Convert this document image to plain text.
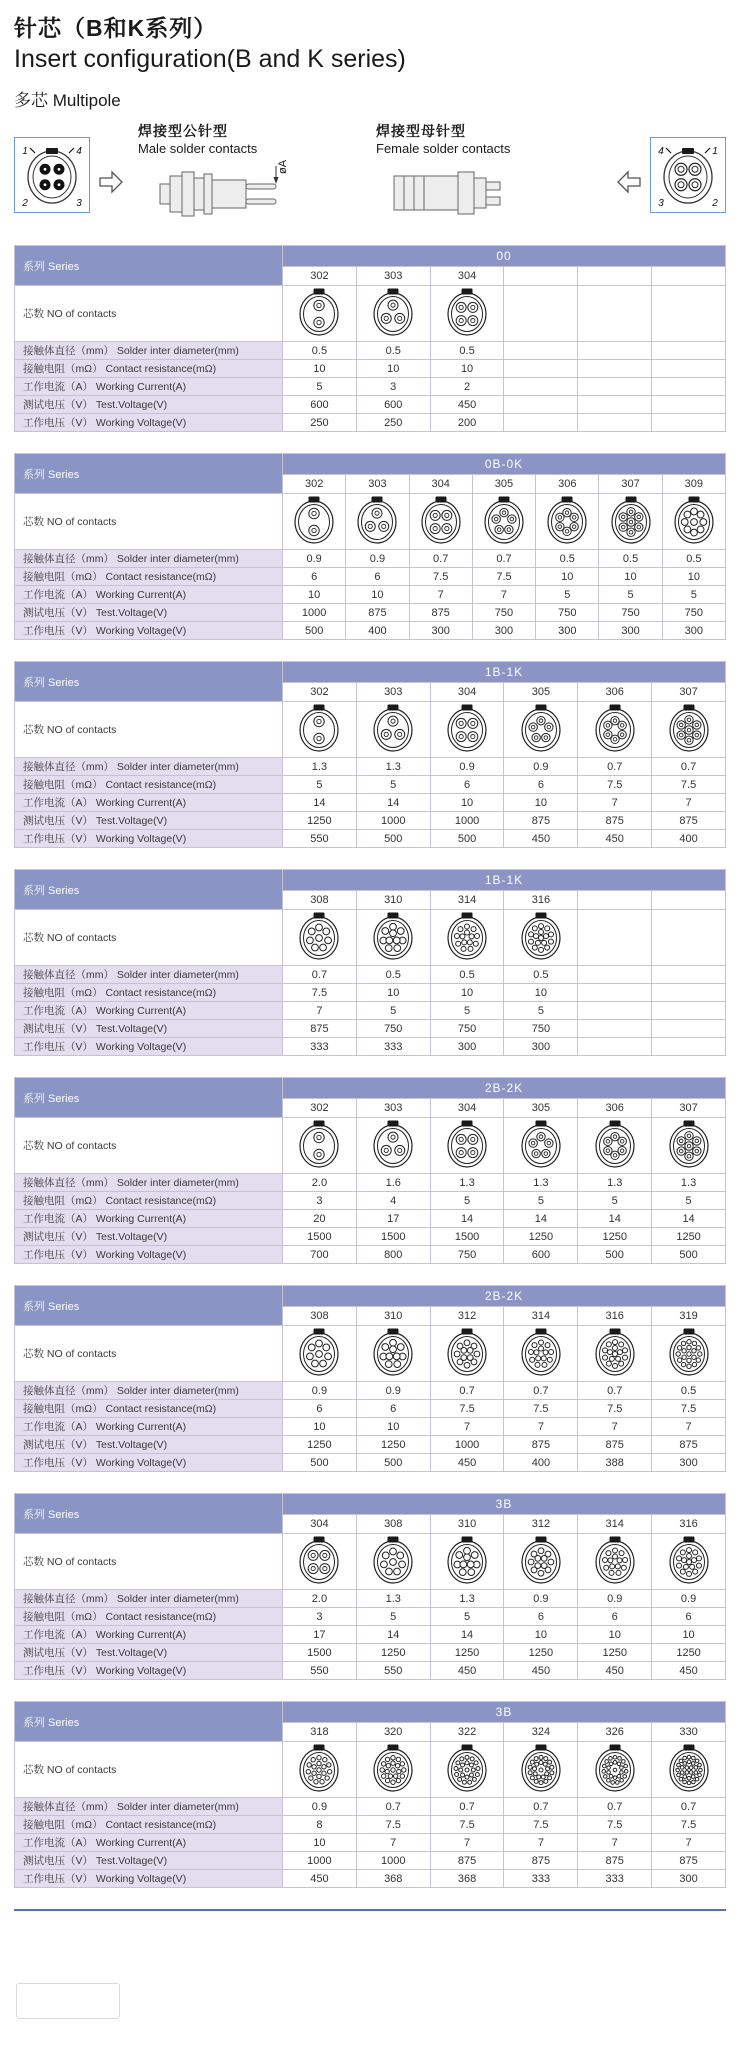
针芯（B和K系列）
Insert configuration(B and K series)
多芯 Multipole
1	4
2	3
焊接型公针型
Male solder contacts
øA
焊接型母针型
Female solder contacts	4	1
3	2
系列 Series	00					
	302	303	304			
芯数 NO of contacts						
接触体直径（mm） Solder inter diameter(mm)	0.5	0.5	0.5			
接触电阻（mΩ） Contact resistance(mΩ)	10	10	10			
工作电流（A） Working Current(A)	5	3	2			
测试电压（V） Test.Voltage(V)	600	600	450			
工作电压（V） Working Voltage(V)	250	250	200			
系列 Series	0B-0K						
	302	303	304	305	306	307	309
芯数 NO of contacts							
接触体直径（mm） Solder inter diameter(mm)	0.9	0.9	0.7	0.7	0.5	0.5	0.5
接触电阻（mΩ） Contact resistance(mΩ)	6	6	7.5	7.5	10	10	10
工作电流（A） Working Current(A)	10	10	7	7	5	5	5
测试电压（V） Test.Voltage(V)	1000	875	875	750	750	750	750
工作电压（V） Working Voltage(V)	500	400	300	300	300	300	300
系列 Series	1B-1K					
	302	303	304	305	306	307
芯数 NO of contacts						
接触体直径（mm） Solder inter diameter(mm)	1.3	1.3	0.9	0.9	0.7	0.7
接触电阻（mΩ） Contact resistance(mΩ)	5	5	6	6	7.5	7.5
工作电流（A） Working Current(A)	14	14	10	10	7	7
测试电压（V） Test.Voltage(V)	1250	1000	1000	875	875	875
工作电压（V） Working Voltage(V)	550	500	500	450	450	400
系列 Series	1B-1K					
	308	310	314	316		
芯数 NO of contacts						
接触体直径（mm） Solder inter diameter(mm)	0.7	0.5	0.5	0.5		
接触电阻（mΩ） Contact resistance(mΩ)	7.5	10	10	10		
工作电流（A） Working Current(A)	7	5	5	5		
测试电压（V） Test.Voltage(V)	875	750	750	750		
工作电压（V） Working Voltage(V)	333	333	300	300		
系列 Series	2B-2K					
	302	303	304	305	306	307
芯数 NO of contacts						
接触体直径（mm） Solder inter diameter(mm)	2.0	1.6	1.3	1.3	1.3	1.3
接触电阻（mΩ） Contact resistance(mΩ)	3	4	5	5	5	5
工作电流（A） Working Current(A)	20	17	14	14	14	14
测试电压（V） Test.Voltage(V)	1500	1500	1500	1250	1250	1250
工作电压（V） Working Voltage(V)	700	800	750	600	500	500
系列 Series	2B-2K					
	308	310	312	314	316	319
芯数 NO of contacts						
接触体直径（mm） Solder inter diameter(mm)	0.9	0.9	0.7	0.7	0.7	0.5
接触电阻（mΩ） Contact resistance(mΩ)	6	6	7.5	7.5	7.5	7.5
工作电流（A） Working Current(A)	10	10	7	7	7	7
测试电压（V） Test.Voltage(V)	1250	1250	1000	875	875	875
工作电压（V） Working Voltage(V)	500	500	450	400	388	300
系列 Series	3B					
	304	308	310	312	314	316
芯数 NO of contacts						
接触体直径（mm） Solder inter diameter(mm)	2.0	1.3	1.3	0.9	0.9	0.9
接触电阻（mΩ） Contact resistance(mΩ)	3	5	5	6	6	6
工作电流（A） Working Current(A)	17	14	14	10	10	10
测试电压（V） Test.Voltage(V)	1500	1250	1250	1250	1250	1250
工作电压（V） Working Voltage(V)	550	550	450	450	450	450
系列 Series	3B					
	318	320	322	324	326	330
芯数 NO of contacts						
接触体直径（mm） Solder inter diameter(mm)	0.9	0.7	0.7	0.7	0.7	0.7
接触电阻（mΩ） Contact resistance(mΩ)	8	7.5	7.5	7.5	7.5	7.5
工作电流（A） Working Current(A)	10	7	7	7	7	7
测试电压（V） Test.Voltage(V)	1000	1000	875	875	875	875
工作电压（V） Working Voltage(V)	450	368	368	333	333	300
